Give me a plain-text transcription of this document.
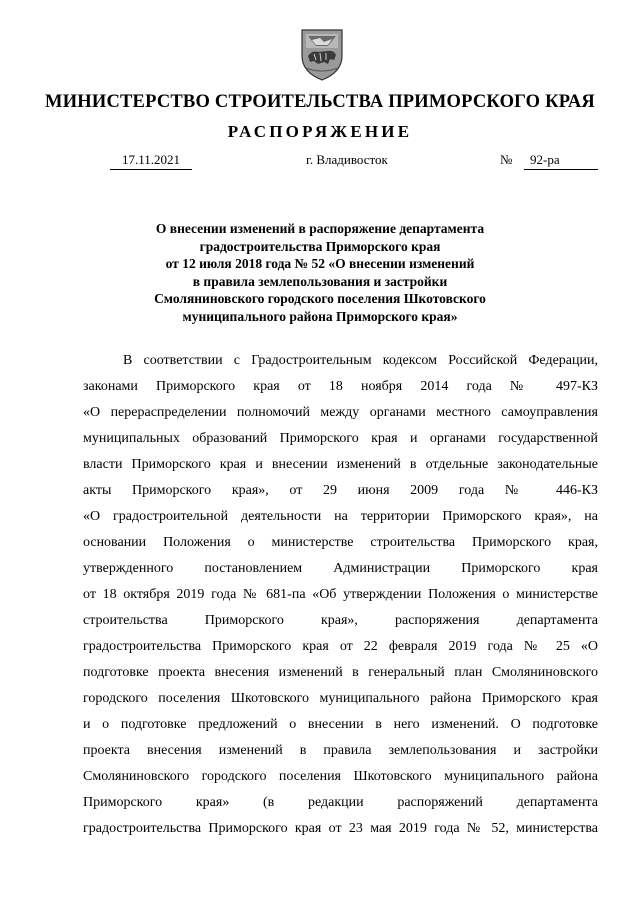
МИНИСТЕРСТВО СТРОИТЕЛЬСТВА ПРИМОРСКОГО КРАЯ
РАСПОРЯЖЕНИЕ
17.11.2021	г. Владивосток	№	92-ра
О внесении изменений в распоряжение департамента
градостроительства Приморского края
от 12 июля 2018 года № 52 «О внесении изменений
в правила землепользования и застройки
Смоляниновского городского поселения Шкотовского
муниципального района Приморского края»
В соответствии с Градостроительным кодексом Российской Федерации,
законами Приморского края от 18 ноября 2014 года № 497-КЗ
«О перераспределении полномочий между органами местного самоуправления
муниципальных образований Приморского края и органами государственной
власти Приморского края и внесении изменений в отдельные законодательные
акты Приморского края», от 29 июня 2009 года № 446-КЗ
«О градостроительной деятельности на территории Приморского края», на
основании Положения о министерстве строительства Приморского края,
утвержденного постановлением Администрации Приморского края
от 18 октября 2019 года № 681-па «Об утверждении Положения о министерстве
строительства Приморского края», распоряжения департамента
градостроительства Приморского края от 22 февраля 2019 года № 25 «О
подготовке проекта внесения изменений в генеральный план Смоляниновского
городского поселения Шкотовского муниципального района Приморского края
и о подготовке предложений о внесении в него изменений. О подготовке
проекта внесения изменений в правила землепользования и застройки
Смоляниновского городского поселения Шкотовского муниципального района
Приморского края» (в редакции распоряжений департамента
градостроительства Приморского края от 23 мая 2019 года № 52, министерства
